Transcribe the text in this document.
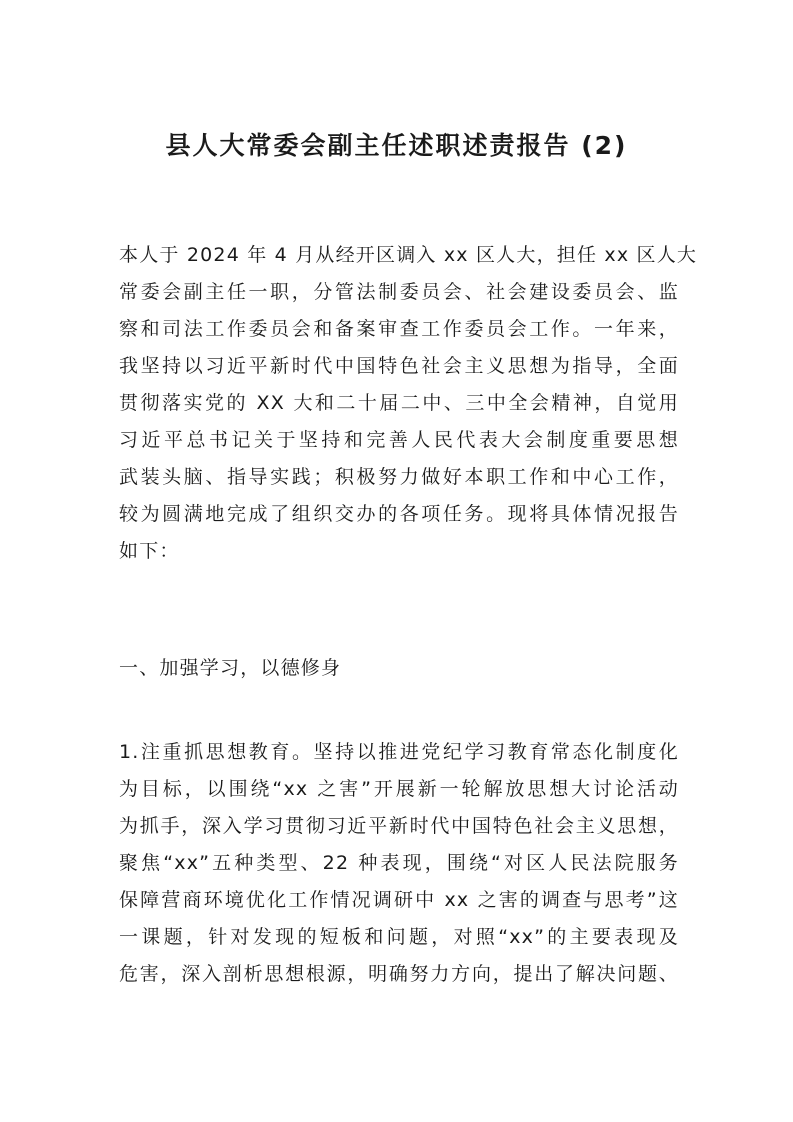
县人大常委会副主任述职述责报告 (2)
本人于 2024 年 4 月从经开区调入 xx 区人大，担任 xx 区人大
常委会副主任一职，分管法制委员会、社会建设委员会、监
察和司法工作委员会和备案审查工作委员会工作。一年来，
我坚持以习近平新时代中国特色社会主义思想为指导，全面
贯彻落实党的 XX 大和二十届二中、三中全会精神，自觉用
习近平总书记关于坚持和完善人民代表大会制度重要思想
武装头脑、指导实践；积极努力做好本职工作和中心工作，
较为圆满地完成了组织交办的各项任务。现将具体情况报告
如下：
一、加强学习，以德修身
1.注重抓思想教育。坚持以推进党纪学习教育常态化制度化
为目标，以围绕“xx 之害”开展新一轮解放思想大讨论活动
为抓手，深入学习贯彻习近平新时代中国特色社会主义思想，
聚焦“xx”五种类型、22 种表现，围绕“对区人民法院服务
保障营商环境优化工作情况调研中 xx 之害的调查与思考”这
一课题，针对发现的短板和问题，对照“xx”的主要表现及
危害，深入剖析思想根源，明确努力方向，提出了解决问题、
